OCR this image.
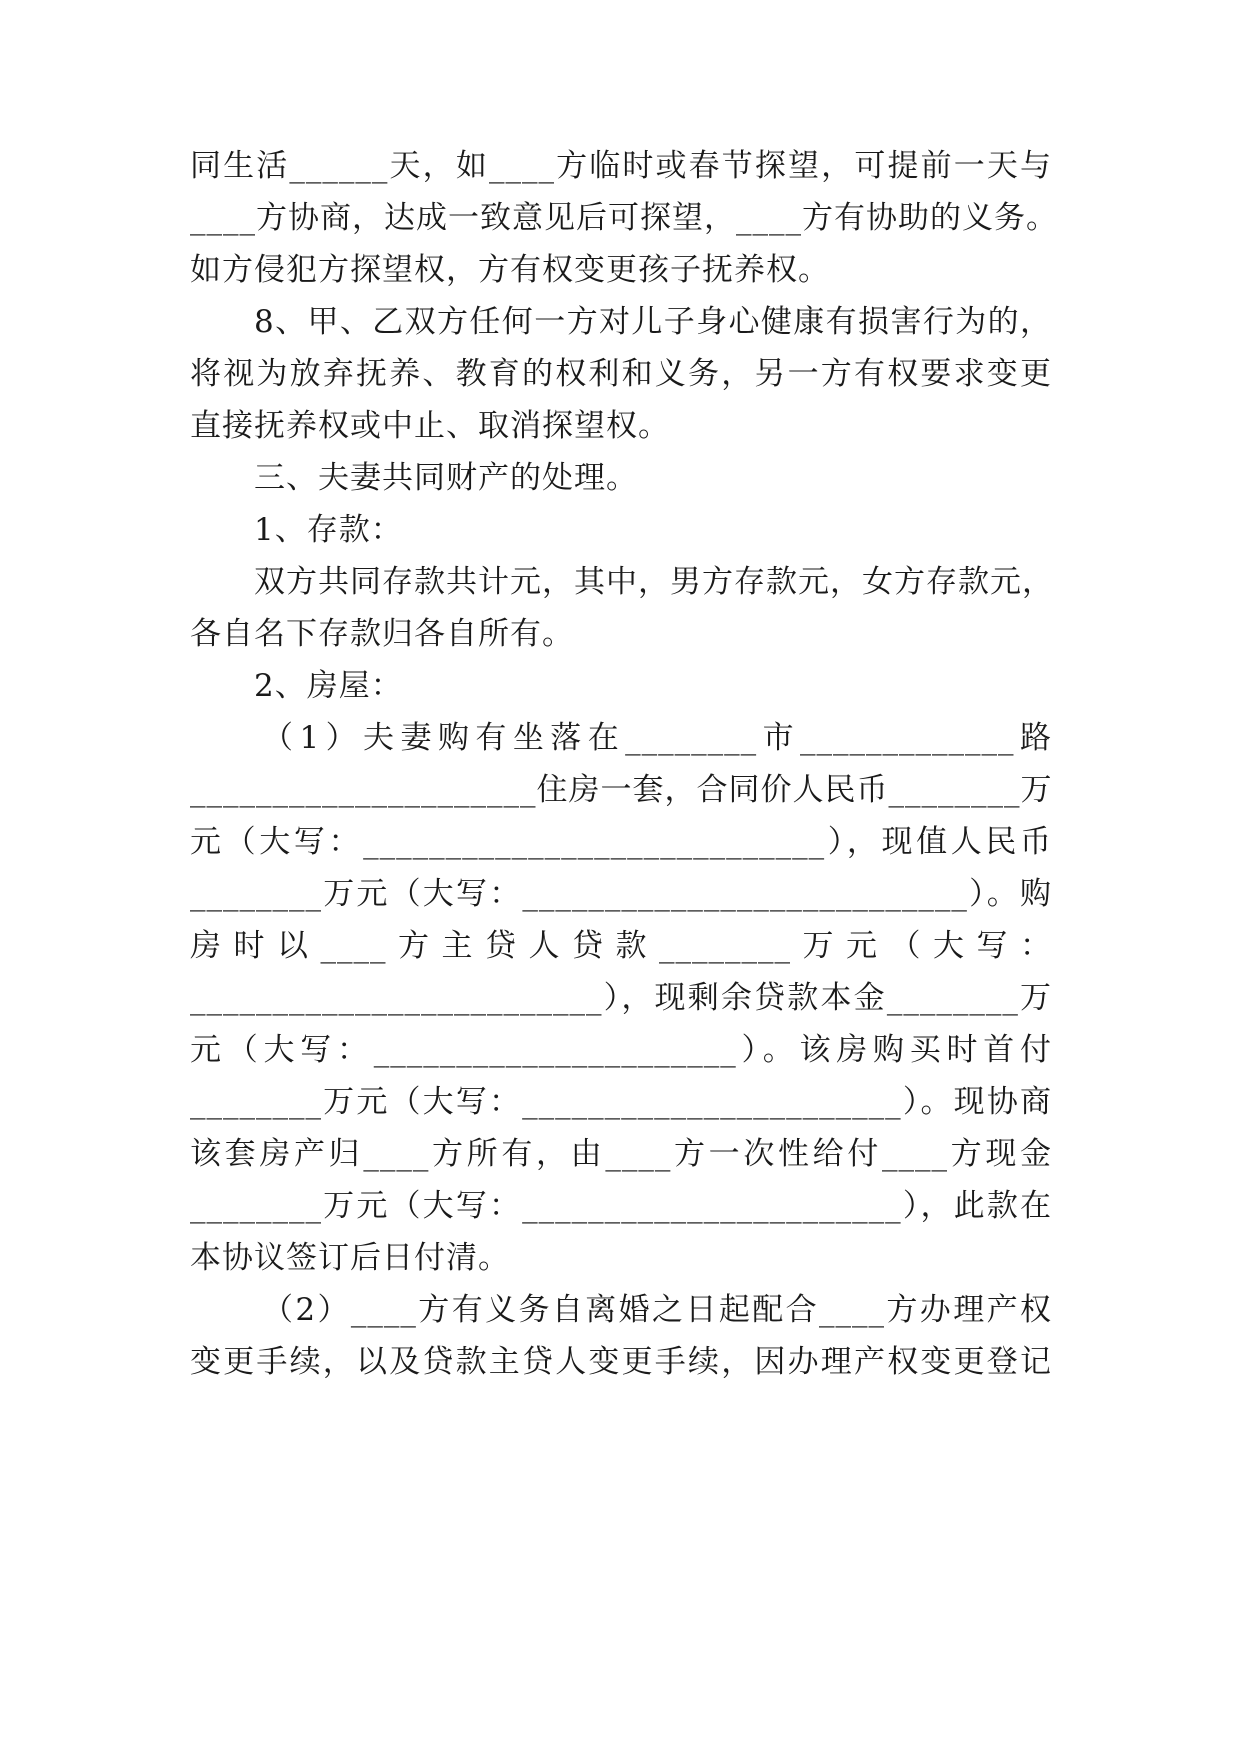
同生活______天，如____方临时或春节探望，可提前一天与
____方协商，达成一致意见后可探望，____方有协助的义务。
如方侵犯方探望权，方有权变更孩子抚养权。
8、甲、乙双方任何一方对儿子身心健康有损害行为的，
将视为放弃抚养、教育的权利和义务，另一方有权要求变更
直接抚养权或中止、取消探望权。
三、夫妻共同财产的处理。
1、存款：
双方共同存款共计元，其中，男方存款元，女方存款元，
各自名下存款归各自所有。
2、房屋：
（1）夫妻购有坐落在________市_____________路
_____________________住房一套，合同价人民币________万
元（大写：____________________________），现值人民币
________万元（大写：___________________________）。购
房时以____方主贷人贷款________万元（大写：
_________________________），现剩余贷款本金________万
元（大写：______________________）。该房购买时首付
________万元（大写：_______________________）。现协商
该套房产归____方所有，由____方一次性给付____方现金
________万元（大写：_______________________），此款在
本协议签订后日付清。
（2）____方有义务自离婚之日起配合____方办理产权
变更手续，以及贷款主贷人变更手续，因办理产权变更登记
